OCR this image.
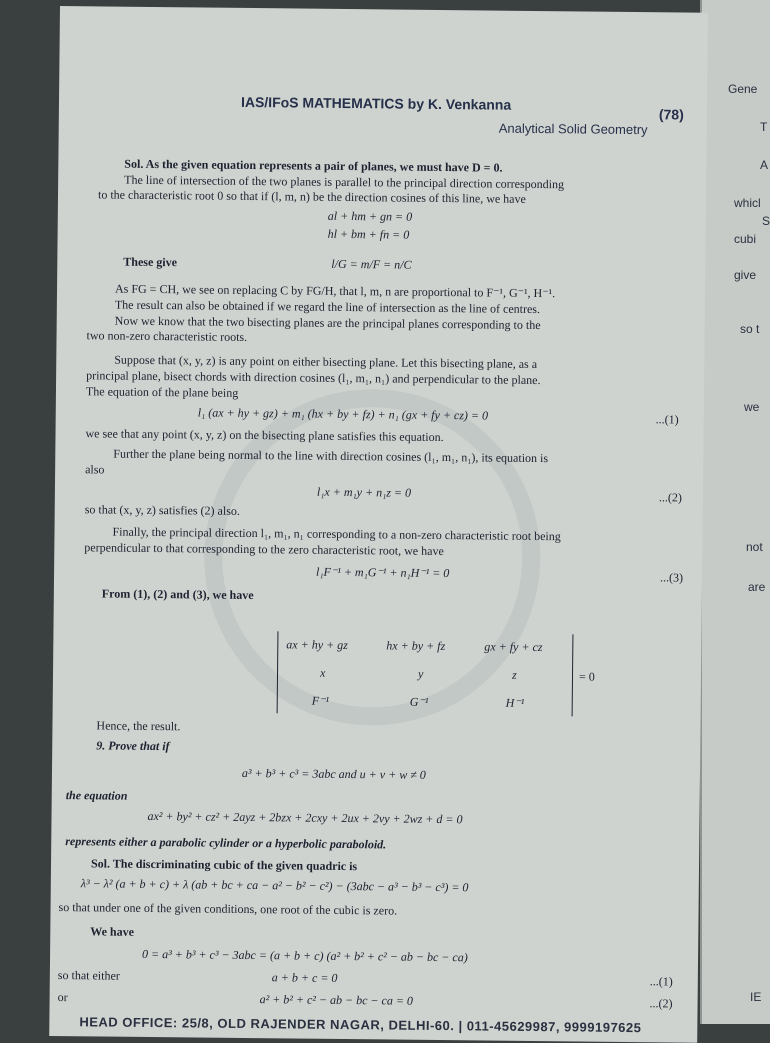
Gene
T
A
whicl
S
cubi
give
so t
we
not
are
IE
IAS/IFoS MATHEMATICS by K. Venkanna
(78)
Analytical Solid Geometry
Sol. As the given equation represents a pair of planes, we must have D = 0.
The line of intersection of the two planes is parallel to the principal direction corresponding
to the characteristic root 0 so that if (l, m, n) be the direction cosines of this line, we have
al + hm + gn = 0
hl + bm + fn = 0
These give	l/G = m/F = n/C
As FG = CH, we see on replacing C by FG/H, that l, m, n are proportional to F⁻¹, G⁻¹, H⁻¹.
The result can also be obtained if we regard the line of intersection as the line of centres.
Now we know that the two bisecting planes are the principal planes corresponding to the
two non-zero characteristic roots.
Suppose that (x, y, z) is any point on either bisecting plane. Let this bisecting plane, as a
principal plane, bisect chords with direction cosines (l₁, m₁, n₁) and perpendicular to the plane.
The equation of the plane being
l₁ (ax + hy + gz) + m₁ (hx + by + fz) + n₁ (gx + fy + cz) = 0	...(1)
we see that any point (x, y, z) on the bisecting plane satisfies this equation.
Further the plane being normal to the line with direction cosines (l₁, m₁, n₁), its equation is
also
l₁x + m₁y + n₁z = 0	...(2)
so that (x, y, z) satisfies (2) also.
Finally, the principal direction l₁, m₁, n₁ corresponding to a non-zero characteristic root being
perpendicular to that corresponding to the zero characteristic root, we have
l₁F⁻¹ + m₁G⁻¹ + n₁H⁻¹ = 0	...(3)
From (1), (2) and (3), we have
ax + hy + gz	hx + by + fz	gx + fy + cz
x	y	z
F⁻¹	G⁻¹	H⁻¹
= 0
Hence, the result.
9. Prove that if
a³ + b³ + c³ = 3abc and u + v + w ≠ 0
the equation
ax² + by² + cz² + 2ayz + 2bzx + 2cxy + 2ux + 2vy + 2wz + d = 0
represents either a parabolic cylinder or a hyperbolic paraboloid.
Sol. The discriminating cubic of the given quadric is
λ³ − λ² (a + b + c) + λ (ab + bc + ca − a² − b² − c²) − (3abc − a³ − b³ − c³) = 0
so that under one of the given conditions, one root of the cubic is zero.
We have
0 = a³ + b³ + c³ − 3abc = (a + b + c) (a² + b² + c² − ab − bc − ca)
so that either	a + b + c = 0	...(1)
or	a² + b² + c² − ab − bc − ca = 0	...(2)
HEAD OFFICE: 25/8, OLD RAJENDER NAGAR, DELHI-60. | 011-45629987, 9999197625
